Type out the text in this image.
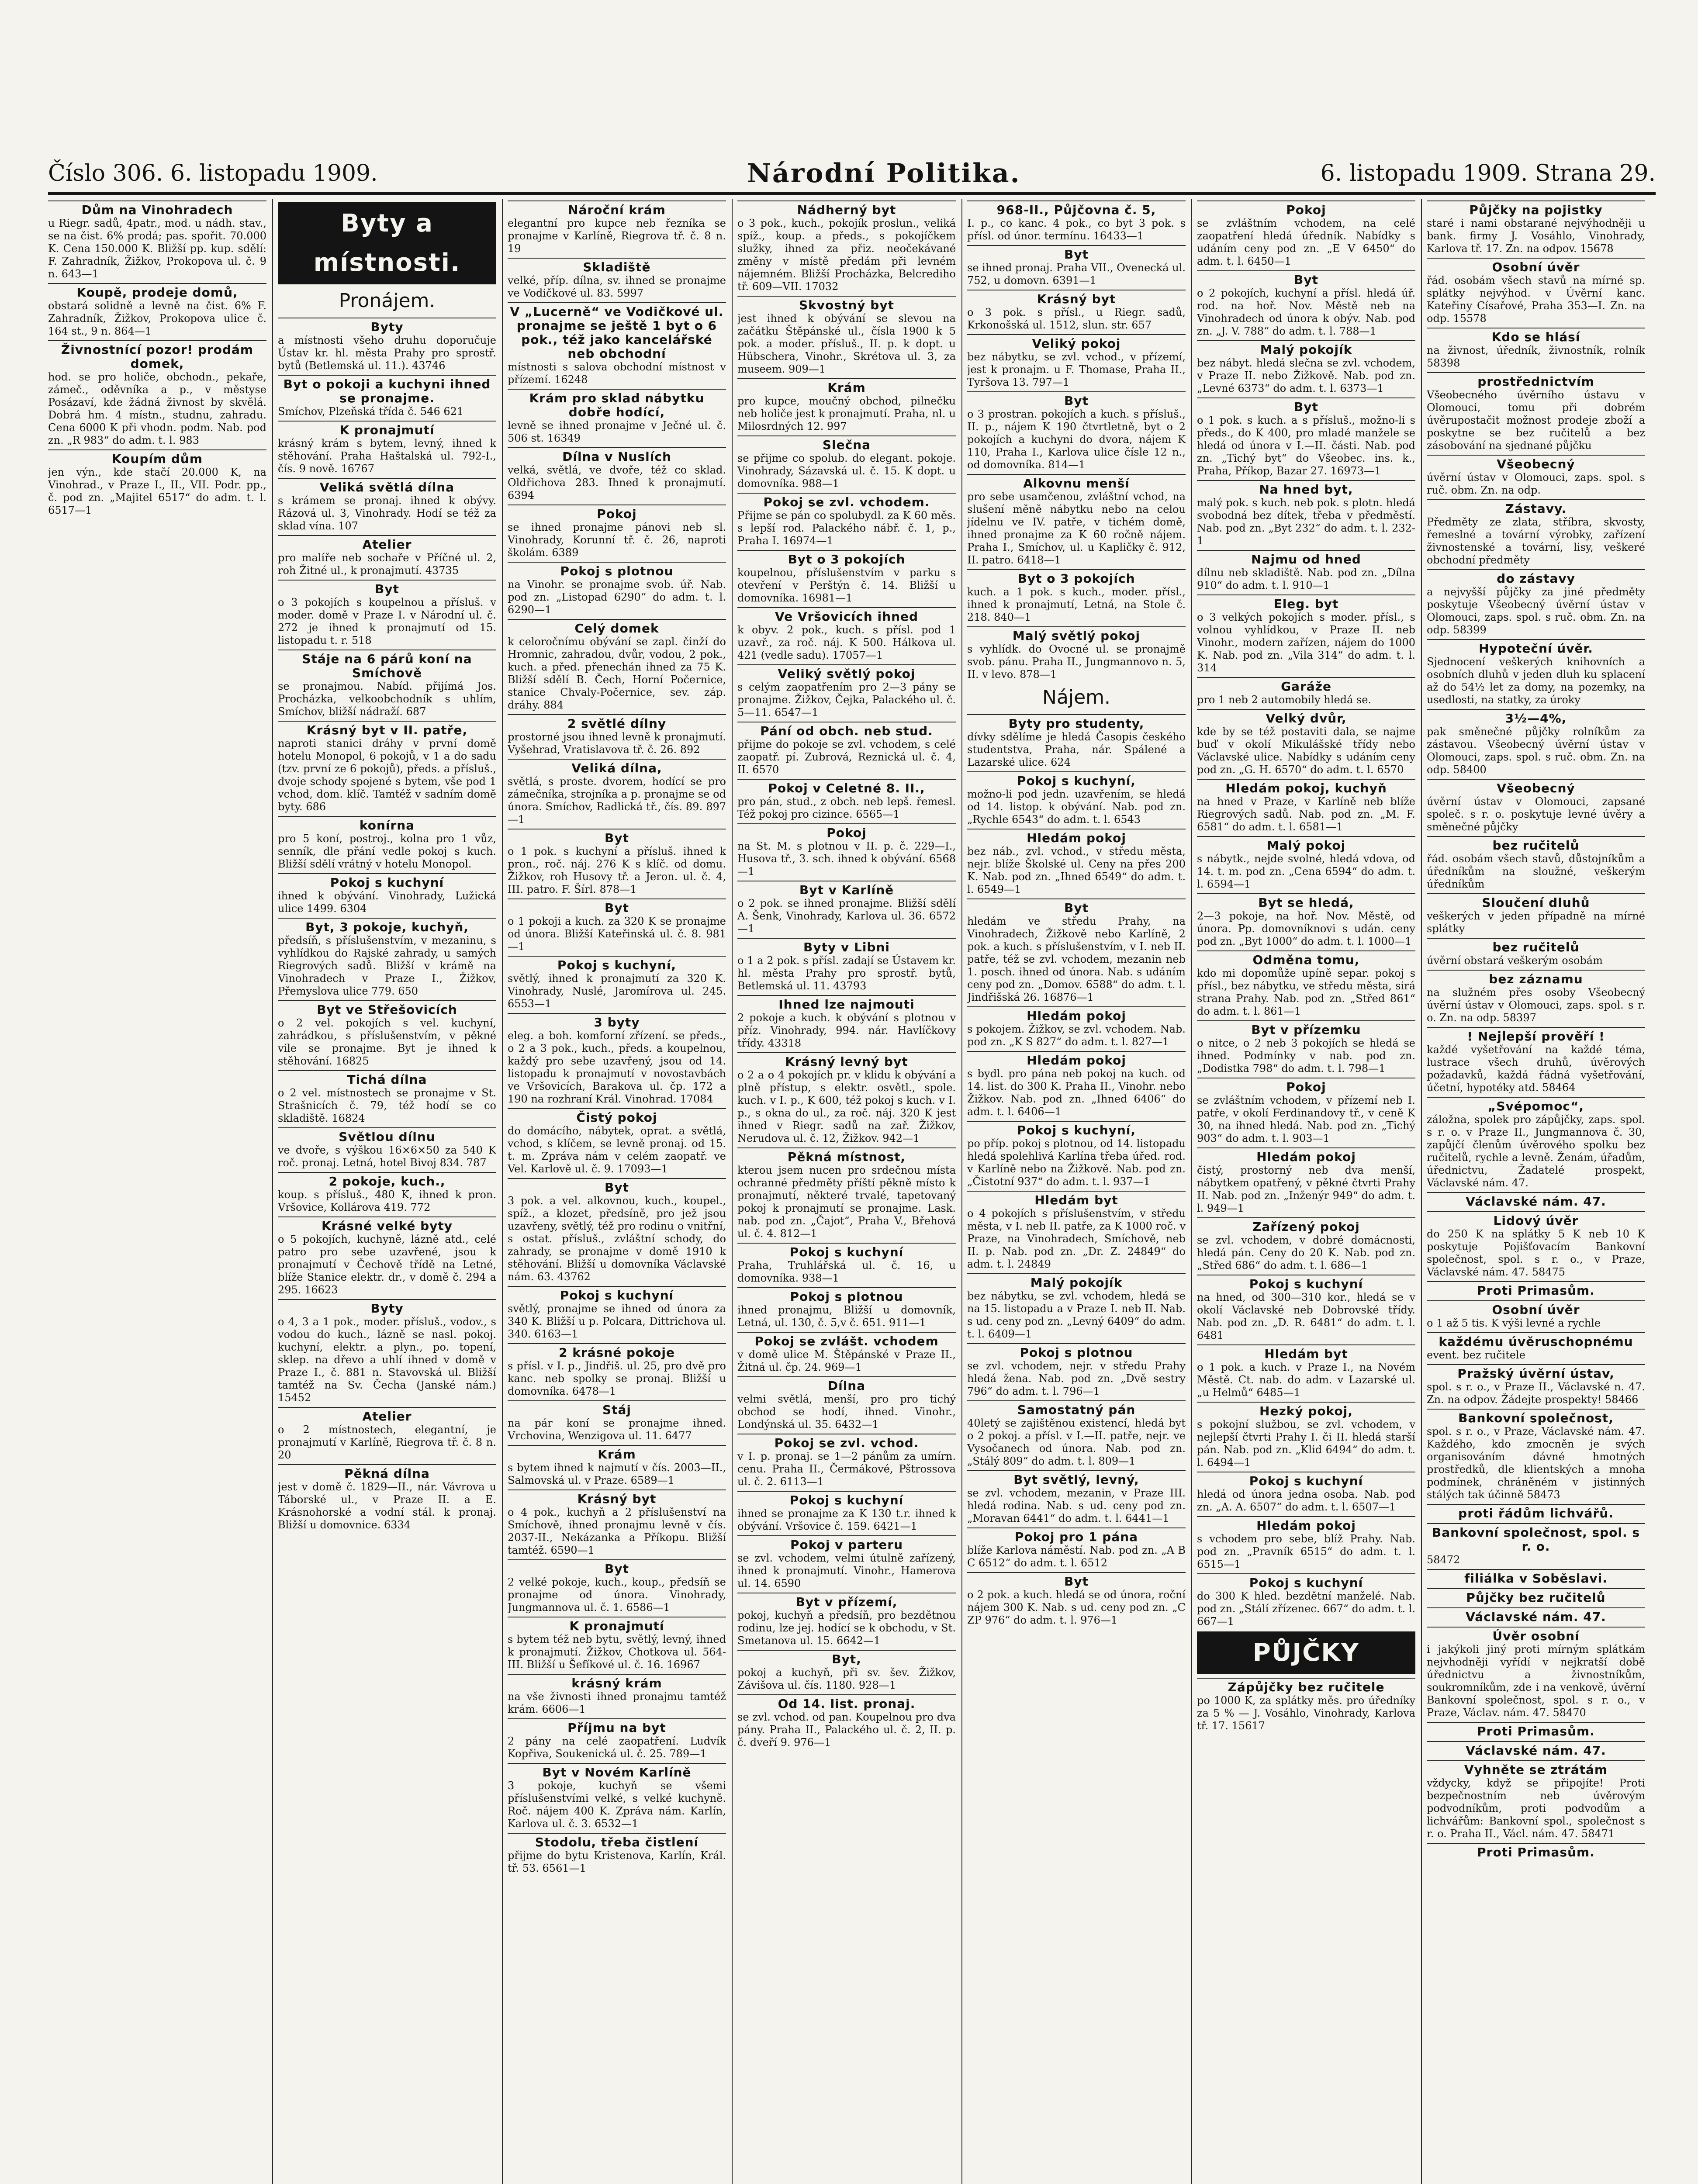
Číslo 306. 6. listopadu 1909.	Národní Politika.	6. listopadu 1909. Strana 29.
Dům na Vinohradech
u Riegr. sadů, 4patr., mod. u nádh. stav., se na čist. 6% prodá; pas. spořit. 70.000 K. Cena 150.000 K. Bližší pp. kup. sdělí: F. Zahradník, Žižkov, Prokopova ul. č. 9 n. 643—1
Koupě, prodeje domů,
obstará solidně a levně na čist. 6% F. Zahradník, Žižkov, Prokopova ulice č. 164 st., 9 n. 864—1
Živnostnící pozor! prodám domek,
hod. se pro holiče, obchodn., pekaře, zámeč., oděvníka a p., v městyse Posázaví, kde žádná živnost by skvělá. Dobrá hm. 4 místn., studnu, zahradu. Cena 6000 K při vhodn. podm. Nab. pod zn. „R 983“ do adm. t. l. 983
Koupím dům
jen výn., kde stačí 20.000 K, na Vinohrad., v Praze I., II., VII. Podr. pp., č. pod zn. „Majitel 6517“ do adm. t. l. 6517—1
Byty a místnosti.
Pronájem.
Byty
a místnosti všeho druhu doporučuje Ústav kr. hl. města Prahy pro sprostř. bytů (Betlemská ul. 11.). 43746
Byt o pokoji a kuchyni ihned se pronajme.
Smíchov, Plzeňská třída č. 546 621
K pronajmutí
krásný krám s bytem, levný, ihned k stěhování. Praha Haštalská ul. 792-I., čís. 9 nově. 16767
Veliká světlá dílna
s krámem se pronaj. ihned k obývy. Rázová ul. 3, Vinohrady. Hodí se též za sklad vína. 107
Atelier
pro malíře neb sochaře v Příčné ul. 2, roh Žitné ul., k pronajmutí. 43735
Byt
o 3 pokojích s koupelnou a přísluš. v moder. domě v Praze I. v Národní ul. č. 272 je ihned k pronajmutí od 15. listopadu t. r. 518
Stáje na 6 párů koní na Smíchově
se pronajmou. Nabíd. přijímá Jos. Procházka, velkoobchodník s uhlím, Smíchov, bližší nádraží. 687
Krásný byt v II. patře,
naproti stanici dráhy v první domě hotelu Monopol, 6 pokojů, v 1 a do sadu (tzv. první ze 6 pokojů), předs. a přísluš., dvoje schody spojené s bytem, vše pod 1 vchod, dom. klíč. Tamtéž v sadním domě byty. 686
konírna
pro 5 koní, postroj., kolna pro 1 vůz, senník, dle přání vedle pokoj s kuch. Bližší sdělí vrátný v hotelu Monopol.
Pokoj s kuchyní
ihned k obývání. Vinohrady, Lužická ulice 1499. 6304
Byt, 3 pokoje, kuchyň,
předsíň, s příslušenstvím, v mezaninu, s vyhlídkou do Rajské zahrady, u samých Riegrových sadů. Bližší v krámě na Vinohradech v Praze I., Žižkov, Přemyslova ulice 779. 650
Byt ve Střešovicích
o 2 vel. pokojích s vel. kuchyní, zahrádkou, s příslušenstvím, v pěkné vile se pronajme. Byt je ihned k stěhování. 16825
Tichá dílna
o 2 vel. místnostech se pronajme v St. Strašnicích č. 79, též hodí se co skladiště. 16824
Světlou dílnu
ve dvoře, s výškou 16×6×50 za 540 K roč. pronaj. Letná, hotel Bivoj 834. 787
2 pokoje, kuch.,
koup. s přísluš., 480 K, ihned k pron. Vršovice, Kollárova 419. 772
Krásné velké byty
o 5 pokojích, kuchyně, lázně atd., celé patro pro sebe uzavřené, jsou k pronajmutí v Čechově třídě na Letné, blíže Stanice elektr. dr., v domě č. 294 a 295. 16623
Byty
o 4, 3 a 1 pok., moder. přísluš., vodov., s vodou do kuch., lázně se nasl. pokoj. kuchyní, elektr. a plyn., po. topení, sklep. na dřevo a uhlí ihned v domě v Praze I., č. 881 n. Stavovská ul. Bližší tamtéž na Sv. Čecha (Janské nám.) 15452
Atelier
o 2 místnostech, elegantní, je pronajmutí v Karlíně, Riegrova tř. č. 8 n. 20
Pěkná dílna
jest v domě č. 1829—II., nár. Vávrova u Táborské ul., v Praze II. a E. Krásnohorské a vodní stál. k pronaj. Bližší u domovnice. 6334
Nároční krám
elegantní pro kupce neb řezníka se pronajme v Karlíně, Riegrova tř. č. 8 n. 19
Skladiště
velké, příp. dílna, sv. ihned se pronajme ve Vodičkové ul. 83. 5997
V „Lucerně“ ve Vodičkové ul. pronajme se ještě 1 byt o 6 pok., též jako kancelářské neb obchodní
místnosti s salova obchodní místnost v přízemí. 16248
Krám pro sklad nábytku dobře hodící,
levně se ihned pronajme v Ječné ul. č. 506 st. 16349
Dílna v Nuslích
velká, světlá, ve dvoře, též co sklad. Oldřichova 283. Ihned k pronajmutí. 6394
Pokoj
se ihned pronajme pánovi neb sl. Vinohrady, Korunní tř. č. 26, naproti školám. 6389
Pokoj s plotnou
na Vinohr. se pronajme svob. úř. Nab. pod zn. „Listopad 6290“ do adm. t. l. 6290—1
Celý domek
k celoročnímu obývání se zapl. činží do Hromnic, zahradou, dvůr, vodou, 2 pok., kuch. a před. přenechán ihned za 75 K. Bližší sdělí B. Čech, Horní Počernice, stanice Chvaly-Počernice, sev. záp. dráhy. 884
2 světlé dílny
prostorné jsou ihned levně k pronajmutí. Vyšehrad, Vratislavova tř. č. 26. 892
Veliká dílna,
světlá, s proste. dvorem, hodící se pro zámečníka, strojníka a p. pronajme se od února. Smíchov, Radlická tř., čís. 89. 897—1
Byt
o 1 pok. s kuchyní a přísluš. ihned k pron., roč. náj. 276 K s klíč. od domu. Žižkov, roh Husovy tř. a Jeron. ul. č. 4, III. patro. F. Šírl. 878—1
Byt
o 1 pokoji a kuch. za 320 K se pronajme od února. Bližší Kateřinská ul. č. 8. 981—1
Pokoj s kuchyní,
světlý, ihned k pronajmutí za 320 K. Vinohrady, Nuslé, Jaromírova ul. 245. 6553—1
3 byty
eleg. a boh. komforní zřízení. se předs., o 2 a 3 pok., kuch., předs. a koupelnou, každý pro sebe uzavřený, jsou od 14. listopadu k pronajmutí v novostavbách ve Vršovicích, Barakova ul. čp. 172 a 190 na rozhraní Král. Vinohrad. 17084
Čistý pokoj
do domácího, nábytek, oprat. a světlá, vchod, s klíčem, se levně pronaj. od 15. t. m. Zpráva nám v celém zaopatř. ve Vel. Karlově ul. č. 9. 17093—1
Byt
3 pok. a vel. alkovnou, kuch., koupel., spíž., a klozet, předsíně, pro jež jsou uzavřeny, světlý, též pro rodinu o vnitřní, s ostat. přísluš., zvláštní schody, do zahrady, se pronajme v domě 1910 k stěhování. Bližší u domovníka Václavské nám. 63. 43762
Pokoj s kuchyní
světlý, pronajme se ihned od února za 340 K. Bližší u p. Polcara, Dittrichova ul. 340. 6163—1
2 krásné pokoje
s přísl. v I. p., Jindřiš. ul. 25, pro dvě pro kanc. neb spolky se pronaj. Bližší u domovníka. 6478—1
Stáj
na pár koní se pronajme ihned. Vrchovina, Wenzigova ul. 11. 6477
Krám
s bytem ihned k najmutí v čís. 2003—II., Salmovská ul. v Praze. 6589—1
Krásný byt
o 4 pok., kuchyň a 2 příslušenství na Smíchově, ihned pronajmu levně v čís. 2037-II., Nekázanka a Příkopu. Bližší tamtéž. 6590—1
Byt
2 velké pokoje, kuch., koup., předsíň se pronajme od února. Vinohrady, Jungmannova ul. č. 1. 6586—1
K pronajmutí
s bytem též neb bytu, světlý, levný, ihned k pronajmutí. Žižkov, Chotkova ul. 564-III. Bližší u Šefíkové ul. č. 16. 16967
krásný krám
na vše živnosti ihned pronajmu tamtéž krám. 6606—1
Příjmu na byt
2 pány na celé zaopatření. Ludvík Kopřiva, Soukenická ul. č. 25. 789—1
Byt v Novém Karlíně
3 pokoje, kuchyň se všemi příslušenstvími velké, s velké kuchyně. Roč. nájem 400 K. Zpráva nám. Karlín, Karlova ul. č. 3. 6532—1
Stodolu, třeba čistlení
přijme do bytu Kristenova, Karlín, Král. tř. 53. 6561—1
Nádherný byt
o 3 pok., kuch., pokojík proslun., veliká spíž., koup. a předs., s pokojíčkem služky, ihned za přiz. neočekávané změny v místě předám při levném nájemném. Bližší Procházka, Belcrediho tř. 609—VII. 17032
Skvostný byt
jest ihned k obývání se slevou na začátku Štěpánské ul., čísla 1900 k 5 pok. a moder. přísluš., II. p. k dopt. u Hübschera, Vinohr., Skrétova ul. 3, za museem. 909—1
Krám
pro kupce, moučný obchod, pilnečku neb holiče jest k pronajmutí. Praha, nl. u Milosrdných 12. 997
Slečna
se přijme co spolub. do elegant. pokoje. Vinohrady, Sázavská ul. č. 15. K dopt. u domovníka. 988—1
Pokoj se zvl. vchodem.
Přijme se pán co spolubydl. za K 60 měs. s lepší rod. Palackého nábř. č. 1, p., Praha I. 16974—1
Byt o 3 pokojích
koupelnou, příslušenstvím v parku s otevření v Perštýn č. 14. Bližší u domovníka. 16981—1
Ve Vršovicích ihned
k obyv. 2 pok., kuch. s přísl. pod 1 uzavř., za roč. náj. K 500. Hálkova ul. 421 (vedle sadu). 17057—1
Veliký světlý pokoj
s celým zaopatřením pro 2—3 pány se pronajme. Žižkov, Čejka, Palackého ul. č. 5—11. 6547—1
Pání od obch. neb stud.
přijme do pokoje se zvl. vchodem, s celé zaopatř. pí. Zubrová, Reznická ul. č. 4, II. 6570
Pokoj v Celetné 8. II.,
pro pán, stud., z obch. neb lepš. řemesl. Též pokoj pro cizince. 6565—1
Pokoj
na St. M. s plotnou v II. p. č. 229—I., Husova tř., 3. sch. ihned k obývání. 6568—1
Byt v Karlíně
o 2 pok. se ihned pronajme. Bližší sdělí A. Šenk, Vinohrady, Karlova ul. 36. 6572—1
Byty v Libni
o 1 a 2 pok. s přísl. zadají se Ústavem kr. hl. města Prahy pro sprostř. bytů, Betlemská ul. 11. 43793
Ihned lze najmouti
2 pokoje a kuch. k obývání s plotnou v příz. Vinohrady, 994. nár. Havlíčkovy třídy. 43318
Krásný levný byt
o 2 a o 4 pokojích pr. v klidu k obývání a plně přístup, s elektr. osvětl., spole. kuch. v I. p., K 600, též pokoj s kuch. v I. p., s okna do ul., za roč. náj. 320 K jest ihned v Riegr. sadů na zař. Žižkov, Nerudova ul. č. 12, Žižkov. 942—1
Pěkná místnost,
kterou jsem nucen pro srdečnou místa ochranné předměty příští pěkně místo k pronajmutí, některé trvalé, tapetovaný pokoj k pronajmutí se pronajme. Lask. nab. pod zn. „Čajot“, Praha V., Břehová ul. č. 4. 812—1
Pokoj s kuchyní
Praha, Truhlářská ul. č. 16, u domovníka. 938—1
Pokoj s plotnou
ihned pronajmu, Bližší u domovník, Letná, ul. 130, č. 5,v č. 651. 911—1
Pokoj se zvlášt. vchodem
v domě ulice M. Štěpánské v Praze II., Žitná ul. čp. 24. 969—1
Dílna
velmi světlá, menší, pro pro tichý obchod se hodí, ihned. Vinohr., Londýnská ul. 35. 6432—1
Pokoj se zvl. vchod.
v I. p. pronaj. se 1—2 pánům za umírn. cenu. Praha II., Čermákové, Pštrossova ul. č. 2. 6113—1
Pokoj s kuchyní
ihned se pronajme za K 130 t.r. ihned k obývání. Vršovice č. 159. 6421—1
Pokoj v parteru
se zvl. vchodem, velmi útulně zařízený, ihned k pronajmutí. Vinohr., Hamerova ul. 14. 6590
Byt v přízemí,
pokoj, kuchyň a předsíň, pro bezdětnou rodinu, lze jej. hodící se k obchodu, v St. Smetanova ul. 15. 6642—1
Byt,
pokoj a kuchyň, při sv. šev. Žižkov, Závišova ul. čís. 1180. 928—1
Od 14. list. pronaj.
se zvl. vchod. od pan. Koupelnou pro dva pány. Praha II., Palackého ul. č. 2, II. p. č. dveří 9. 976—1
968-II., Půjčovna č. 5,
I. p., co kanc. 4 pok., co byt 3 pok. s přísl. od únor. termínu. 16433—1
Byt
se ihned pronaj. Praha VII., Ovenecká ul. 752, u domovn. 6391—1
Krásný byt
o 3 pok. s přísl., u Riegr. sadů, Krkonošská ul. 1512, slun. str. 657
Veliký pokoj
bez nábytku, se zvl. vchod., v přízemí, jest k pronajm. u F. Thomase, Praha II., Tyršova 13. 797—1
Byt
o 3 prostran. pokojích a kuch. s přísluš., II. p., nájem K 190 čtvrtletně, byt o 2 pokojích a kuchyni do dvora, nájem K 110, Praha I., Karlova ulice čísle 12 n., od domovníka. 814—1
Alkovnu menší
pro sebe usamčenou, zvláštní vchod, na slušení měně nábytku nebo na celou jídelnu ve IV. patře, v tichém domě, ihned pronajme za K 60 ročně nájem. Praha I., Smíchov, ul. u Kapličky č. 912, II. patro. 6418—1
Byt o 3 pokojích
kuch. a 1 pok. s kuch., moder. přísl., ihned k pronajmutí, Letná, na Stole č. 218. 840—1
Malý světlý pokoj
s vyhlídk. do Ovocné ul. se pronajmě svob. pánu. Praha II., Jungmannovo n. 5, II. v levo. 878—1
Nájem.
Byty pro studenty,
dívky sdělíme je hledá Časopis českého studentstva, Praha, nár. Spálené a Lazarské ulice. 624
Pokoj s kuchyní,
možno-li pod jedn. uzavřením, se hledá od 14. listop. k obývání. Nab. pod zn. „Rychle 6543“ do adm. t. l. 6543
Hledám pokoj
bez náb., zvl. vchod., v středu města, nejr. blíže Školské ul. Ceny na přes 200 K. Nab. pod zn. „Ihned 6549“ do adm. t. l. 6549—1
Byt
hledám ve středu Prahy, na Vinohradech, Žižkově nebo Karlíně, 2 pok. a kuch. s příslušenstvím, v I. neb II. patře, též se zvl. vchodem, mezanin neb 1. posch. ihned od února. Nab. s udáním ceny pod zn. „Domov. 6588“ do adm. t. l. Jindřišská 26. 16876—1
Hledám pokoj
s pokojem. Žižkov, se zvl. vchodem. Nab. pod zn. „K S 827“ do adm. t. l. 827—1
Hledám pokoj
s bydl. pro pána neb pokoj na kuch. od 14. list. do 300 K. Praha II., Vinohr. nebo Žižkov. Nab. pod zn. „Ihned 6406“ do adm. t. l. 6406—1
Pokoj s kuchyní,
po příp. pokoj s plotnou, od 14. listopadu hledá spolehlivá Karlína třeba úřed. rod. v Karlíně nebo na Žižkově. Nab. pod zn. „Čistotní 937“ do adm. t. l. 937—1
Hledám byt
o 4 pokojích s příslušenstvím, v středu města, v I. neb II. patře, za K 1000 roč. v Praze, na Vinohradech, Smíchově, neb II. p. Nab. pod zn. „Dr. Z. 24849“ do adm. t. l. 24849
Malý pokojík
bez nábytku, se zvl. vchodem, hledá se na 15. listopadu a v Praze I. neb II. Nab. s ud. ceny pod zn. „Levný 6409“ do adm. t. l. 6409—1
Pokoj s plotnou
se zvl. vchodem, nejr. v středu Prahy hledá žena. Nab. pod zn. „Dvě sestry 796“ do adm. t. l. 796—1
Samostatný pán
40letý se zajištěnou existencí, hledá byt o 2 pokoj. a přísl. v I.—II. patře, nejr. ve Vysočanech od února. Nab. pod zn. „Stálý 809“ do adm. t. l. 809—1
Byt světlý, levný,
se zvl. vchodem, mezanin, v Praze III. hledá rodina. Nab. s ud. ceny pod zn. „Moravan 6441“ do adm. t. l. 6441—1
Pokoj pro 1 pána
blíže Karlova náměstí. Nab. pod zn. „A B C 6512“ do adm. t. l. 6512
Byt
o 2 pok. a kuch. hledá se od února, roční nájem 300 K. Nab. s ud. ceny pod zn. „C ZP 976“ do adm. t. l. 976—1
Pokoj
se zvláštním vchodem, na celé zaopatření hledá úředník. Nabídky s udáním ceny pod zn. „E V 6450“ do adm. t. l. 6450—1
Byt
o 2 pokojích, kuchyní a přísl. hledá úř. rod. na hoř. Nov. Městě neb na Vinohradech od února k obýv. Nab. pod zn. „J. V. 788“ do adm. t. l. 788—1
Malý pokojík
bez nábyt. hledá slečna se zvl. vchodem, v Praze II. nebo Žižkově. Nab. pod zn. „Levné 6373“ do adm. t. l. 6373—1
Byt
o 1 pok. s kuch. a s přísluš., možno-li s předs., do K 400, pro mladé manžele se hledá od února v I.—II. části. Nab. pod zn. „Tichý byt“ do Všeobec. ins. k., Praha, Příkop, Bazar 27. 16973—1
Na hned byt,
malý pok. s kuch. neb pok. s plotn. hledá svobodná bez dítek, třeba v předměstí. Nab. pod zn. „Byt 232“ do adm. t. l. 232-1
Najmu od hned
dílnu neb skladiště. Nab. pod zn. „Dílna 910“ do adm. t. l. 910—1
Eleg. byt
o 3 velkých pokojích s moder. přísl., s volnou vyhlídkou, v Praze II. neb Vinohr., modern zařízen, nájem do 1000 K. Nab. pod zn. „Vila 314“ do adm. t. l. 314
Garáže
pro 1 neb 2 automobily hledá se.
Velký dvůr,
kde by se též postaviti dala, se najme buď v okolí Mikulášské třídy nebo Václavské ulice. Nabídky s udáním ceny pod zn. „G. H. 6570“ do adm. t. l. 6570
Hledám pokoj, kuchyň
na hned v Praze, v Karlíně neb blíže Riegrových sadů. Nab. pod zn. „M. F. 6581“ do adm. t. l. 6581—1
Malý pokoj
s nábytk., nejde svolné, hledá vdova, od 14. t. m. pod zn. „Cena 6594“ do adm. t. l. 6594—1
Byt se hledá,
2—3 pokoje, na hoř. Nov. Městě, od února. Pp. domovníknovi s udán. ceny pod zn. „Byt 1000“ do adm. t. l. 1000—1
Odměna tomu,
kdo mi dopomůže upíně separ. pokoj s přísl., bez nábytku, ve středu města, sirá strana Prahy. Nab. pod zn. „Střed 861“ do adm. t. l. 861—1
Byt v přízemku
o nitce, o 2 neb 3 pokojích se hledá se ihned. Podmínky v nab. pod zn. „Dodistka 798“ do adm. t. l. 798—1
Pokoj
se zvláštním vchodem, v přízemí neb I. patře, v okolí Ferdinandovy tř., v ceně K 30, na ihned hledá. Nab. pod zn. „Tichý 903“ do adm. t. l. 903—1
Hledám pokoj
čistý, prostorný neb dva menší, nábytkem opatřený, v pěkné čtvrti Prahy II. Nab. pod zn. „Inženýr 949“ do adm. t. l. 949—1
Zařízený pokoj
se zvl. vchodem, v dobré domácnosti, hledá pán. Ceny do 20 K. Nab. pod zn. „Střed 686“ do adm. t. l. 686—1
Pokoj s kuchyní
na hned, od 300—310 kor., hledá se v okolí Václavské neb Dobrovské třídy. Nab. pod zn. „D. R. 6481“ do adm. t. l. 6481
Hledám byt
o 1 pok. a kuch. v Praze I., na Novém Městě. Ct. nab. do adm. v Lazarské ul. „u Helmů“ 6485—1
Hezký pokoj,
s pokojní službou, se zvl. vchodem, v nejlepší čtvrti Prahy I. či II. hledá starší pán. Nab. pod zn. „Klid 6494“ do adm. t. l. 6494—1
Pokoj s kuchyní
hledá od února jedna osoba. Nab. pod zn. „A. A. 6507“ do adm. t. l. 6507—1
Hledám pokoj
s vchodem pro sebe, blíž Prahy. Nab. pod zn. „Pravník 6515“ do adm. t. l. 6515—1
Pokoj s kuchyní
do 300 K hled. bezdětní manželé. Nab. pod zn. „Stálí zřízenec. 667“ do adm. t. l. 667—1
PŮJČKY
Zápůjčky bez ručitele
po 1000 K, za splátky měs. pro úředníky za 5 % — J. Vosáhlo, Vinohrady, Karlova tř. 17. 15617
Půjčky na pojistky
staré i nami obstarané nejvýhodněji u bank. firmy J. Vosáhlo, Vinohrady, Karlova tř. 17. Zn. na odpov. 15678
Osobní úvěr
řád. osobám všech stavů na mírné sp. splátky nejvýhod. v Úvěrní kanc. Kateřiny Císařové, Praha 353—I. Zn. na odp. 15578
Kdo se hlásí
na živnost, úředník, živnostník, rolník 58398
prostřednictvím
Všeobecného úvěrního ústavu v Olomouci, tomu při dobrém úvěrupostačit možnost prodeje zboží a poskytne se bez ručitelů a bez zásobování na sjednané půjčku
Všeobecný
úvěrní ústav v Olomouci, zaps. spol. s ruč. obm. Zn. na odp.
Zástavy.
Předměty ze zlata, stříbra, skvosty, řemeslné a tovární výrobky, zařízení živnostenské a tovární, lisy, veškeré obchodní předměty
do zástavy
a nejvyšší půjčky za jiné předměty poskytuje Všeobecný úvěrní ústav v Olomouci, zaps. spol. s ruč. obm. Zn. na odp. 58399
Hypoteční úvěr.
Sjednocení veškerých knihovních a osobních dluhů v jeden dluh ku splacení až do 54½ let za domy, na pozemky, na usedlosti, na statky, za úroky
3½—4%,
pak směnečné půjčky rolníkům za zástavou. Všeobecný úvěrní ústav v Olomouci, zaps. spol. s ruč. obm. Zn. na odp. 58400
Všeobecný
úvěrní ústav v Olomouci, zapsané společ. s r. o. poskytuje levné úvěry a směnečné půjčky
bez ručitelů
řád. osobám všech stavů, důstojníkům a úředníkům na sloužné, veškerým úředníkům
Sloučení dluhů
veškerých v jeden případně na mírné splátky
bez ručitelů
úvěrní obstará veškerým osobám
bez záznamu
na služném přes osoby Všeobecný úvěrní ústav v Olomouci, zaps. spol. s r. o. Zn. na odp. 58397
! Nejlepší prověří !
každé vyšetřování na každé téma, lustrace všech druhů, úvěrových požadavků, každá řádná vyšetřování, účetní, hypotéky atd. 58464
„Svépomoc“,
záložna, spolek pro zápůjčky, zaps. spol. s r. o. v Praze II., Jungmannova č. 30, zapůjčí členům úvěrového spolku bez ručitelů, rychle a levně. Ženám, úřadům, úřednictvu, Žadatelé prospekt, Václavské nám. 47.
Václavské nám. 47.
Lidový úvěr
do 250 K na splátky 5 K neb 10 K poskytuje Pojišťovacím Bankovní společnost, spol. s r. o., v Praze, Václavské nám. 47. 58475
Proti Primasům.
Osobní úvěr
o 1 až 5 tis. K výši levné a rychle
každému úvěruschopnému
event. bez ručitele
Pražský úvěrní ústav,
spol. s r. o., v Praze II., Václavské n. 47. Zn. na odpov. Žádejte prospekty! 58466
Bankovní společnost,
spol. s r. o., v Praze, Václavské nám. 47. Každého, kdo zmocněn je svých organisováním dávné hmotných prostředků, dle klientských a mnoha podmínek, chráněném v jistinných stálých tak účinně 58473
proti řádům lichvářů.
Bankovní společnost, spol. s r. o.
58472
filiálka v Soběslavi.
Půjčky bez ručitelů
Václavské nám. 47.
Úvěr osobní
i jakýkoli jiný proti mírným splátkám nejvhodněji vyřídí v nejkratší době úřednictvu a živnostníkům, soukromníkům, zde i na venkově, úvěrní Bankovní společnost, spol. s r. o., v Praze, Václav. nám. 47. 58470
Proti Primasům.
Václavské nám. 47.
Vyhněte se ztrátám
vždycky, když se připojíte! Proti bezpečnostním neb úvěrovým podvodníkům, proti podvodům a lichvářům: Bankovní spol., společnost s r. o. Praha II., Václ. nám. 47. 58471
Proti Primasům.
